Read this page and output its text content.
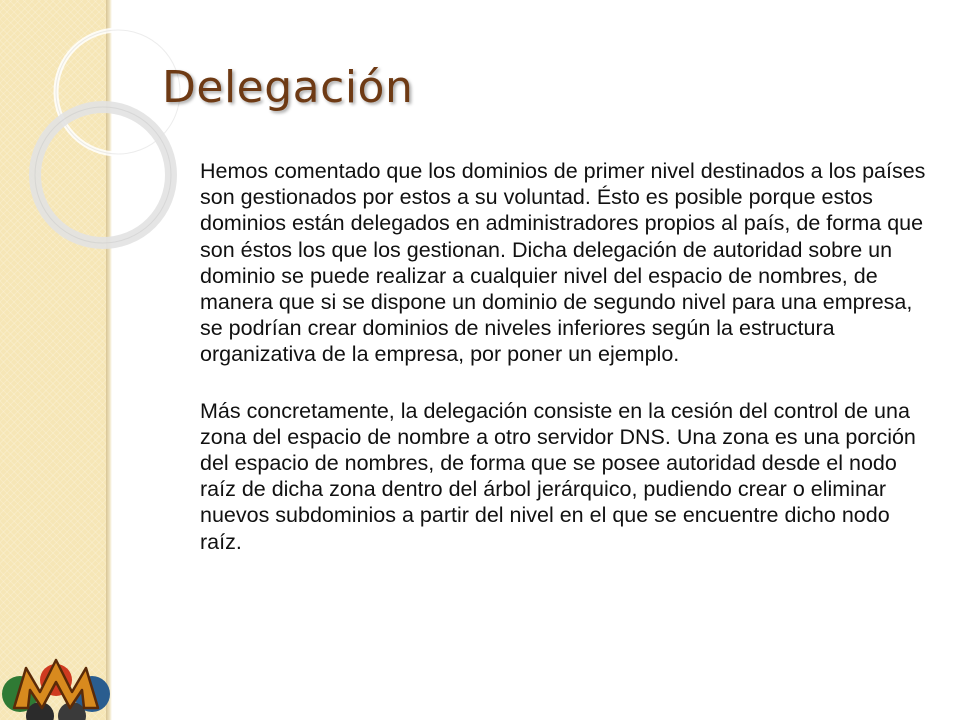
Delegación

Hemos comentado que los dominios de primer nivel destinados a los países son gestionados por estos a su voluntad. Ésto es posible porque estos dominios están delegados en administradores propios al país, de forma que son éstos los que los gestionan. Dicha delegación de autoridad sobre un dominio se puede realizar a cualquier nivel del espacio de nombres, de manera que si se dispone un dominio de segundo nivel para una empresa, se podrían crear dominios de niveles inferiores según la estructura organizativa de la empresa, por poner un ejemplo.

Más concretamente, la delegación consiste en la cesión del control de una zona del espacio de nombre a otro servidor DNS. Una zona es una porción del espacio de nombres, de forma que se posee autoridad desde el nodo raíz de dicha zona dentro del árbol jerárquico, pudiendo crear o eliminar nuevos subdominios a partir del nivel en el que se encuentre dicho nodo raíz.
